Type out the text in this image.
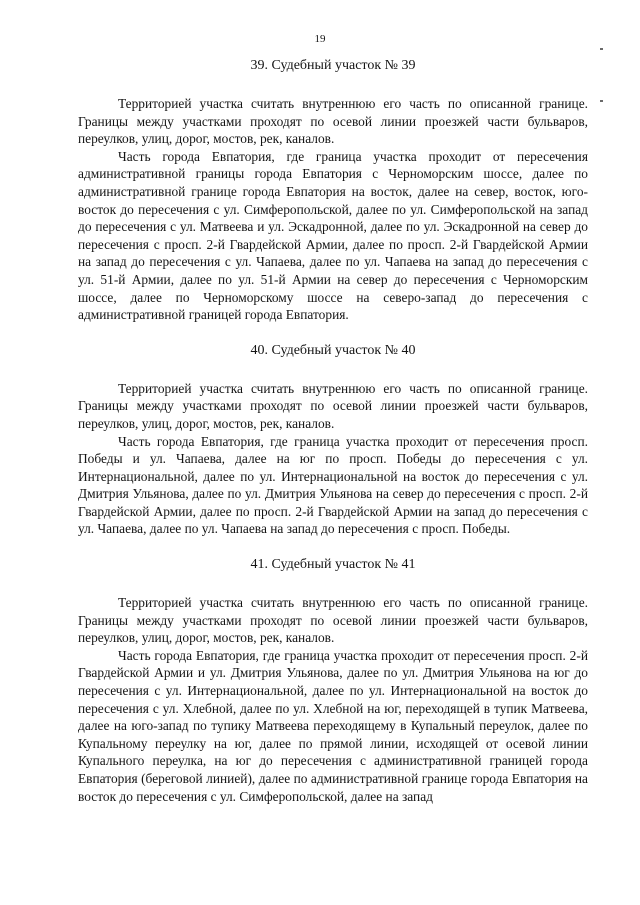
19

39. Судебный участок № 39

Территорией участка считать внутреннюю его часть по описанной границе. Границы между участками проходят по осевой линии проезжей части бульваров, переулков, улиц, дорог, мостов, рек, каналов.

Часть города Евпатория, где граница участка проходит от пересечения административной границы города Евпатория с Черноморским шоссе, далее по административной границе города Евпатория на восток, далее на север, восток, юго-восток до пересечения с ул. Симферопольской, далее по ул. Симферопольской на запад до пересечения с ул. Матвеева и ул. Эскадронной, далее по ул. Эскадронной на север до пересечения с просп. 2-й Гвардейской Армии, далее по просп. 2-й Гвардейской Армии на запад до пересечения с ул. Чапаева, далее по ул. Чапаева на запад до пересечения с ул. 51-й Армии, далее по ул. 51-й Армии на север до пересечения с Черноморским шоссе, далее по Черноморскому шоссе на северо-запад до пересечения с административной границей города Евпатория.

40. Судебный участок № 40

Территорией участка считать внутреннюю его часть по описанной границе. Границы между участками проходят по осевой линии проезжей части бульваров, переулков, улиц, дорог, мостов, рек, каналов.

Часть города Евпатория, где граница участка проходит от пересечения просп. Победы и ул. Чапаева, далее на юг по просп. Победы до пересечения с ул. Интернациональной, далее по ул. Интернациональной на восток до пересечения с ул. Дмитрия Ульянова, далее по ул. Дмитрия Ульянова на север до пересечения с просп. 2-й Гвардейской Армии, далее по просп. 2-й Гвардейской Армии на запад до пересечения с ул. Чапаева, далее по ул. Чапаева на запад до пересечения с просп. Победы.

41. Судебный участок № 41

Территорией участка считать внутреннюю его часть по описанной границе. Границы между участками проходят по осевой линии проезжей части бульваров, переулков, улиц, дорог, мостов, рек, каналов.

Часть города Евпатория, где граница участка проходит от пересечения просп. 2-й Гвардейской Армии и ул. Дмитрия Ульянова, далее по ул. Дмитрия Ульянова на юг до пересечения с ул. Интернациональной, далее по ул. Интернациональной на восток до пересечения с ул. Хлебной, далее по ул. Хлебной на юг, переходящей в тупик Матвеева, далее на юго-запад по тупику Матвеева переходящему в Купальный переулок, далее по Купальному переулку на юг, далее по прямой линии, исходящей от осевой линии Купального переулка, на юг до пересечения с административной границей города Евпатория (береговой линией), далее по административной границе города Евпатория на восток до пересечения с ул. Симферопольской, далее на запад
